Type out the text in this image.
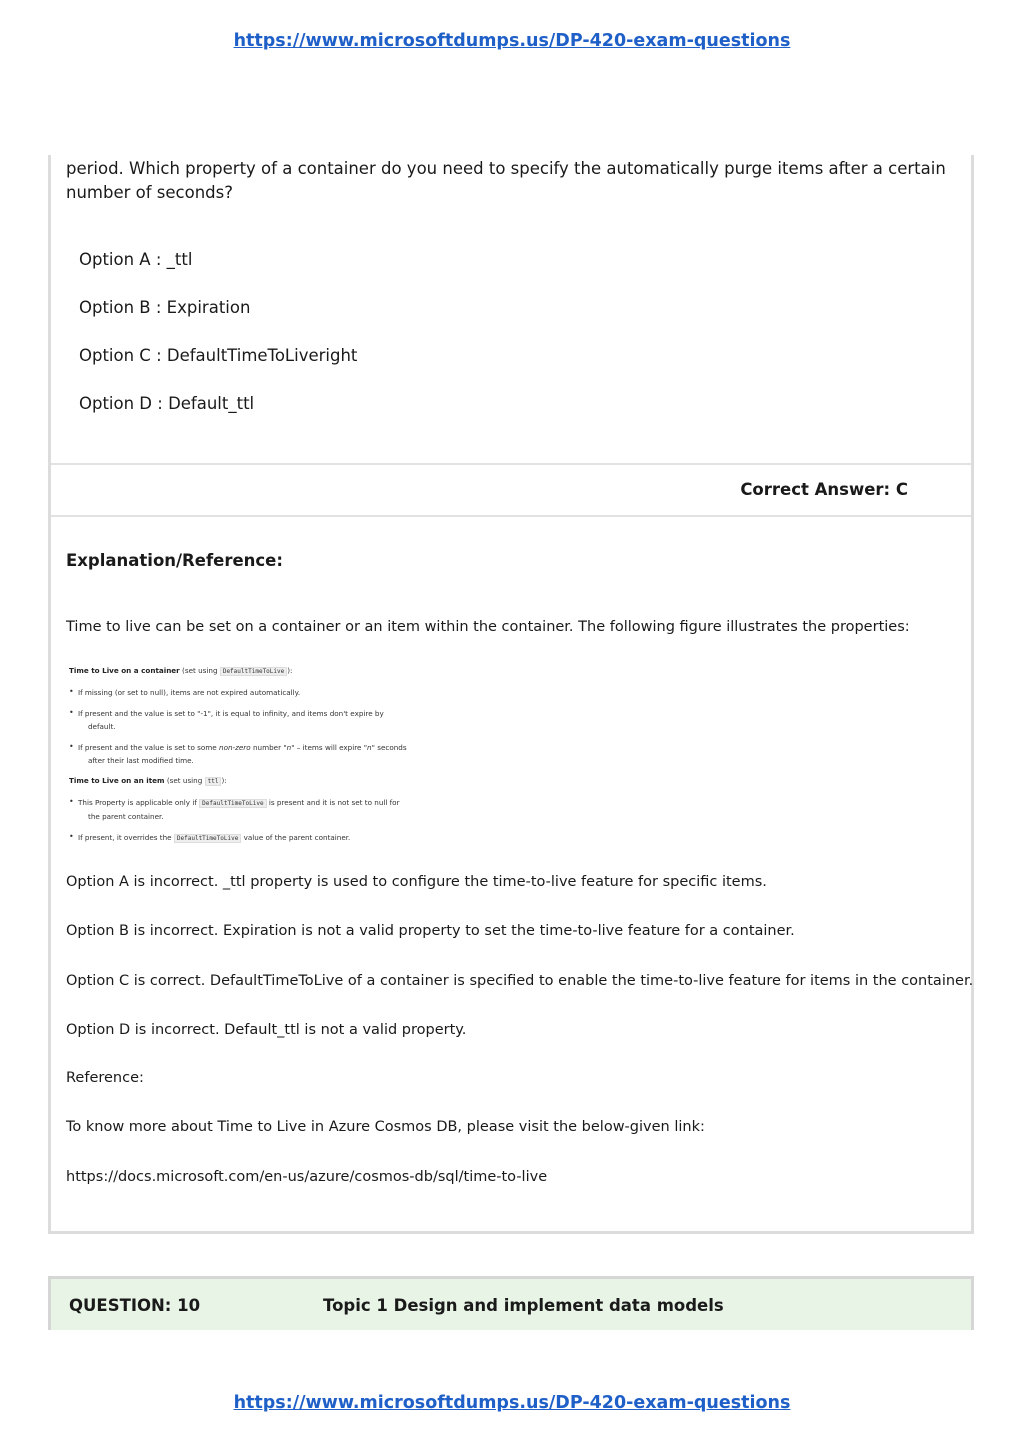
https://www.microsoftdumps.us/DP-420-exam-questions
period. Which property of a container do you need to specify the automatically purge items after a certain number of seconds?
Option A : _ttl
Option B : Expiration
Option C : DefaultTimeToLiveright
Option D : Default_ttl
Correct Answer: C
Explanation/Reference:
Time to live can be set on a container or an item within the container. The following figure illustrates the properties:
Time to Live on a container (set using DefaultTimeToLive ):
• If missing (or set to null), items are not expired automatically.
• If present and the value is set to "-1", it is equal to infinity, and items don't expire by
default.
• If present and the value is set to some non-zero number "n" – items will expire "n" seconds
after their last modified time.
Time to Live on an item (set using ttl ):
• This Property is applicable only if DefaultTimeToLive is present and it is not set to null for
the parent container.
• If present, it overrides the DefaultTimeToLive value of the parent container.
Option A is incorrect. _ttl property is used to configure the time-to-live feature for specific items.
Option B is incorrect. Expiration is not a valid property to set the time-to-live feature for a container.
Option C is correct. DefaultTimeToLive of a container is specified to enable the time-to-live feature for items in the container.
Option D is incorrect. Default_ttl is not a valid property.
Reference:
To know more about Time to Live in Azure Cosmos DB, please visit the below-given link:
https://docs.microsoft.com/en-us/azure/cosmos-db/sql/time-to-live
QUESTION: 10	Topic 1 Design and implement data models
https://www.microsoftdumps.us/DP-420-exam-questions
